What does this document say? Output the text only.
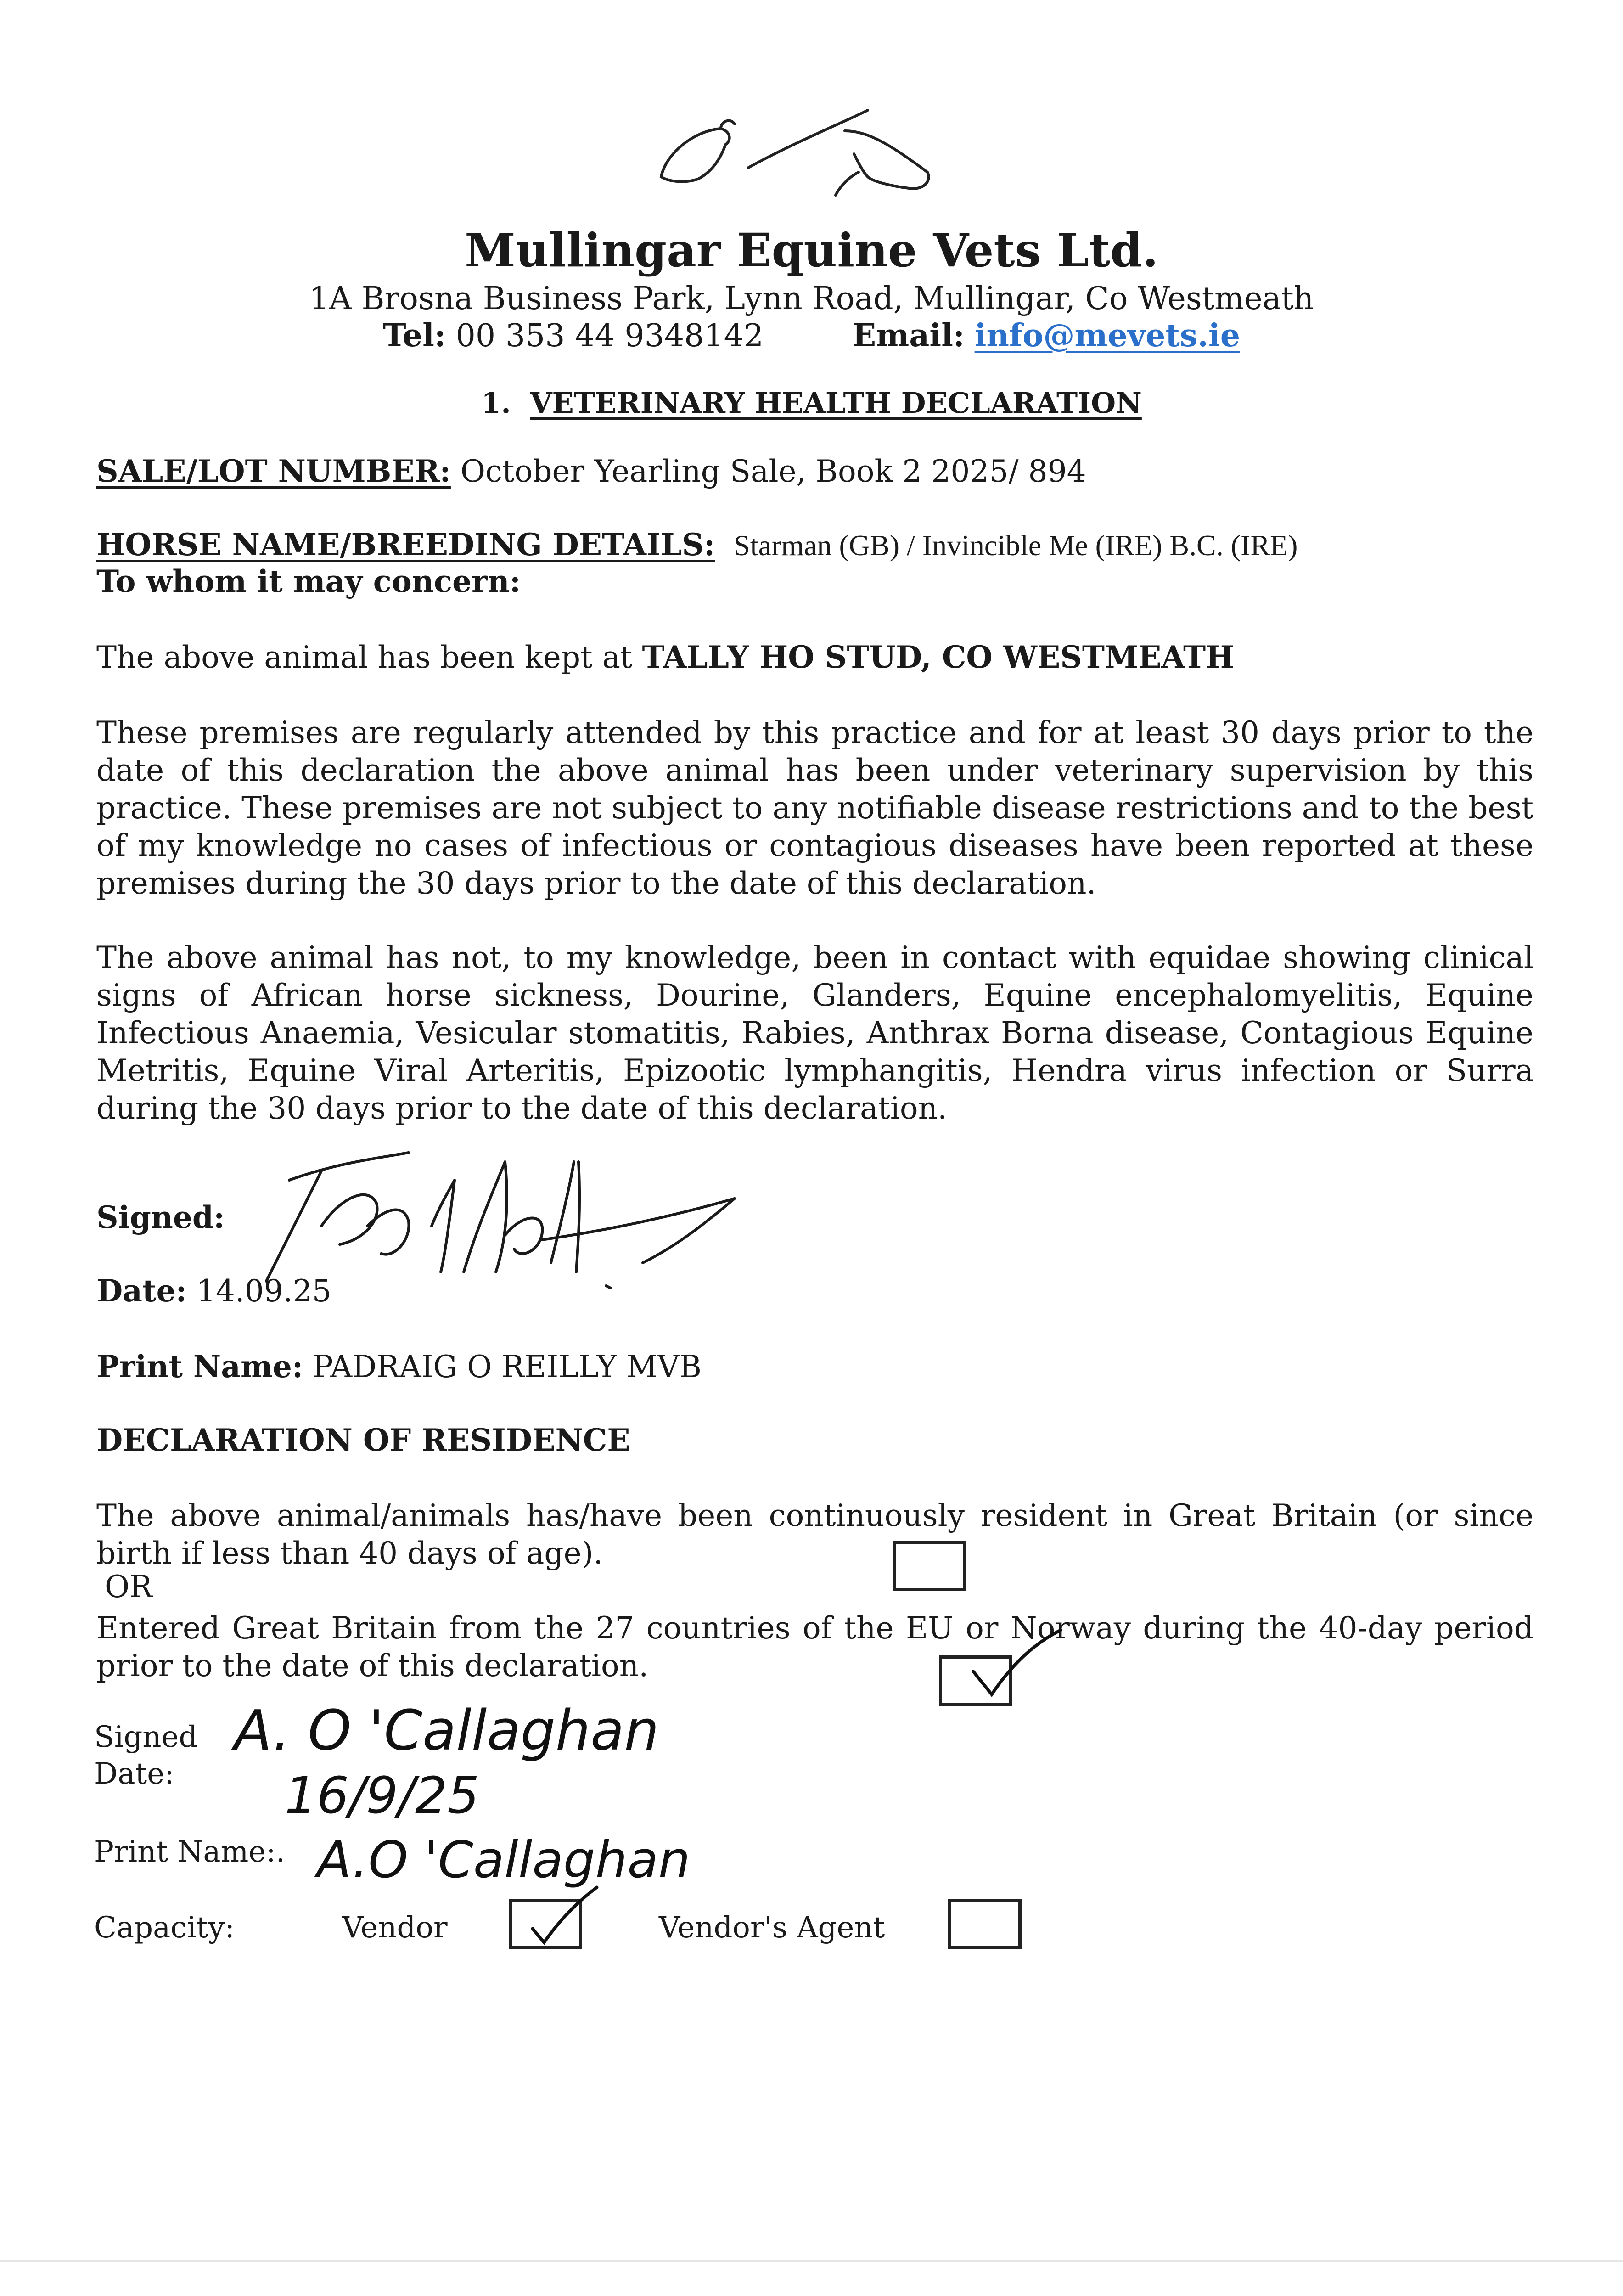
Mullingar Equine Vets Ltd.
1A Brosna Business Park, Lynn Road, Mullingar, Co Westmeath
Tel: 00 353 44 9348142	Email: info@mevets.ie
1. VETERINARY HEALTH DECLARATION
SALE/LOT NUMBER: October Yearling Sale, Book 2 2025/ 894
HORSE NAME/BREEDING DETAILS: Starman (GB) / Invincible Me (IRE) B.C. (IRE)
To whom it may concern:
The above animal has been kept at TALLY HO STUD, CO WESTMEATH
These premises are regularly attended by this practice and for at least 30 days prior to the date of this declaration the above animal has been under veterinary supervision by this practice. These premises are not subject to any notifiable disease restrictions and to the best of my knowledge no cases of infectious or contagious diseases have been reported at these premises during the 30 days prior to the date of this declaration.
The above animal has not, to my knowledge, been in contact with equidae showing clinical signs of African horse sickness, Dourine, Glanders, Equine encephalomyelitis, Equine Infectious Anaemia, Vesicular stomatitis, Rabies, Anthrax Borna disease, Contagious Equine Metritis, Equine Viral Arteritis, Epizootic lymphangitis, Hendra virus infection or Surra during the 30 days prior to the date of this declaration.
Signed:
Date: 14.09.25
Print Name: PADRAIG O REILLY MVB
DECLARATION OF RESIDENCE
The above animal/animals has/have been continuously resident in Great Britain (or since birth if less than 40 days of age).
OR
Entered Great Britain from the 27 countries of the EU or Norway during the 40-day period prior to the date of this declaration.
Signed
Date:
A. O 'Callaghan
16/9/25
Print Name:. A.O 'Callaghan
Capacity:	Vendor	Vendor's Agent
